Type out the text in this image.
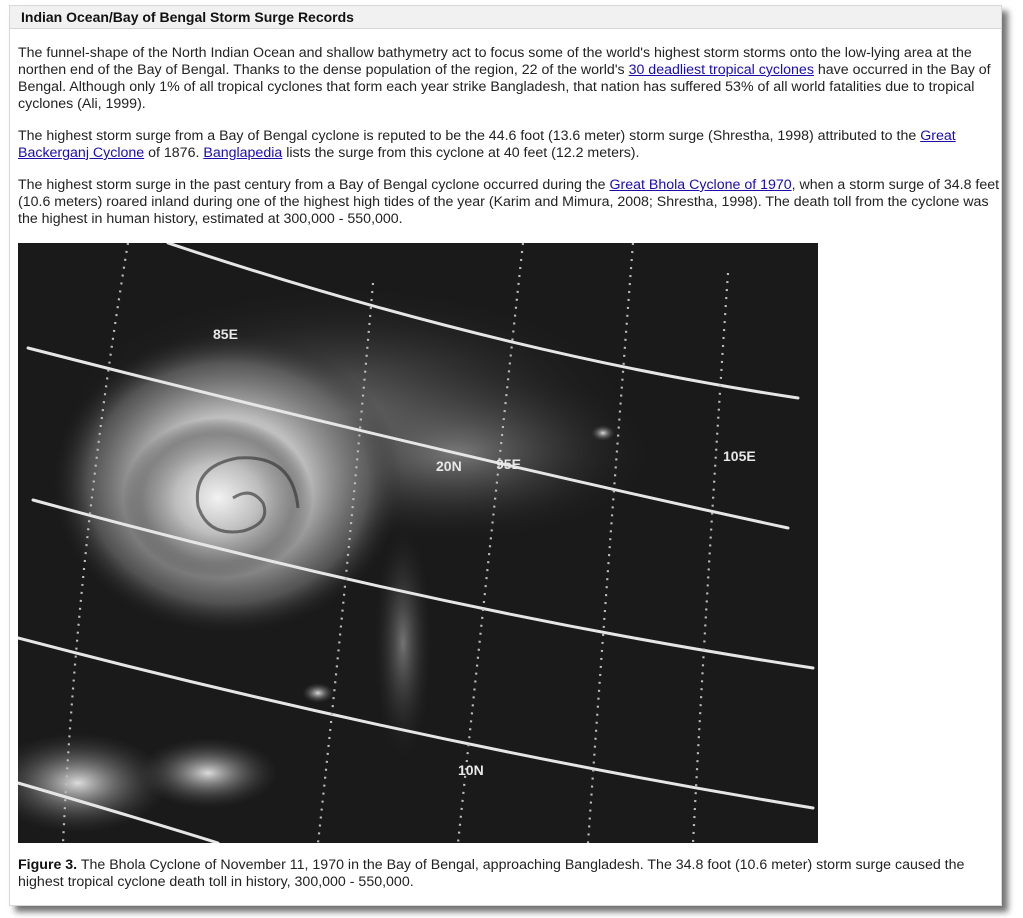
Indian Ocean/Bay of Bengal Storm Surge Records

The funnel-shape of the North Indian Ocean and shallow bathymetry act to focus some of the world's highest storm storms onto the low-lying area at the northen end of the Bay of Bengal. Thanks to the dense population of the region, 22 of the world's 30 deadliest tropical cyclones have occurred in the Bay of Bengal. Although only 1% of all tropical cyclones that form each year strike Bangladesh, that nation has suffered 53% of all world fatalities due to tropical cyclones (Ali, 1999).

The highest storm surge from a Bay of Bengal cyclone is reputed to be the 44.6 foot (13.6 meter) storm surge (Shrestha, 1998) attributed to the Great Backerganj Cyclone of 1876. Banglapedia lists the surge from this cyclone at 40 feet (12.2 meters).

The highest storm surge in the past century from a Bay of Bengal cyclone occurred during the Great Bhola Cyclone of 1970, when a storm surge of 34.8 feet (10.6 meters) roared inland during one of the highest high tides of the year (Karim and Mimura, 2008; Shrestha, 1998). The death toll from the cyclone was the highest in human history, estimated at 300,000 - 550,000.

85E
20N 95E	105E
10N

Figure 3. The Bhola Cyclone of November 11, 1970 in the Bay of Bengal, approaching Bangladesh. The 34.8 foot (10.6 meter) storm surge caused the highest tropical cyclone death toll in history, 300,000 - 550,000.
